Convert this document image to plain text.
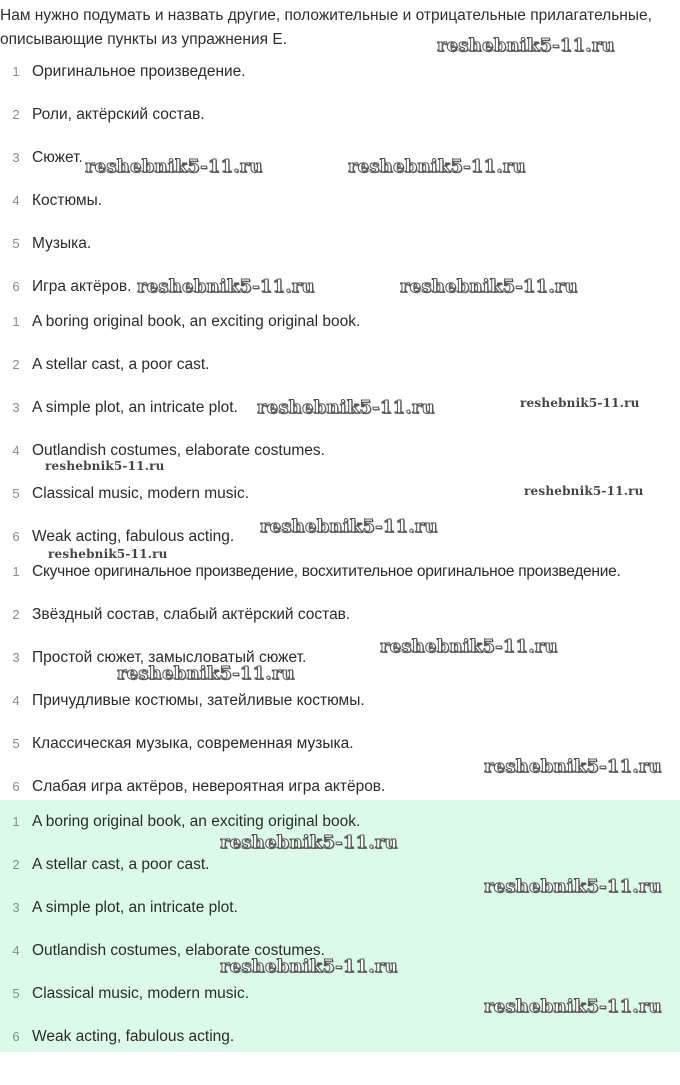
Нам нужно подумать и назвать другие, положительные и отрицательные прилагательные, описывающие пункты из упражнения E.
1 Оригинальное произведение.
2 Роли, актёрский состав.
3 Сюжет.
4 Костюмы.
5 Музыка.
6 Игра актёров.
1 A boring original book, an exciting original book.
2 A stellar cast, a poor cast.
3 A simple plot, an intricate plot.
4 Outlandish costumes, elaborate costumes.
5 Classical music, modern music.
6 Weak acting, fabulous acting.
1 Скучное оригинальное произведение, восхитительное оригинальное произведение.
2 Звёздный состав, слабый актёрский состав.
3 Простой сюжет, замысловатый сюжет.
4 Причудливые костюмы, затейливые костюмы.
5 Классическая музыка, современная музыка.
6 Слабая игра актёров, невероятная игра актёров.
1 A boring original book, an exciting original book.
2 A stellar cast, a poor cast.
3 A simple plot, an intricate plot.
4 Outlandish costumes, elaborate costumes.
5 Classical music, modern music.
6 Weak acting, fabulous acting.
reshebnik5-11.ru
reshebnik5-11.ru	reshebnik5-11.ru
reshebnik5-11.ru	reshebnik5-11.ru
reshebnik5-11.ru	reshebnik5-11.ru
reshebnik5-11.ru
reshebnik5-11.ru
reshebnik5-11.ru
reshebnik5-11.ru
reshebnik5-11.ru
reshebnik5-11.ru
reshebnik5-11.ru
reshebnik5-11.ru
reshebnik5-11.ru
reshebnik5-11.ru
reshebnik5-11.ru
